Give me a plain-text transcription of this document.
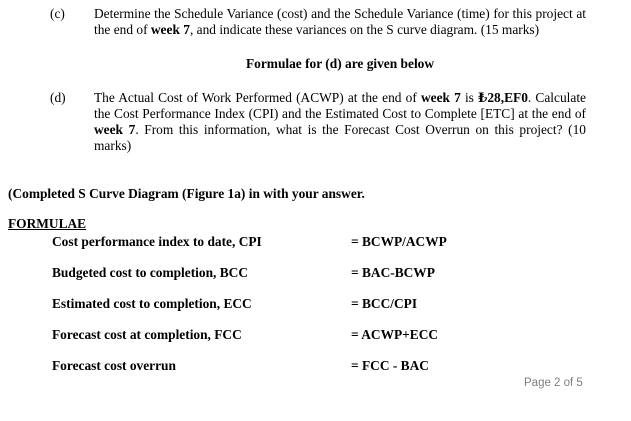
(c) Determine the Schedule Variance (cost) and the Schedule Variance (time) for this project at the end of week 7, and indicate these variances on the S curve diagram. (15 marks)

Formulae for (d) are given below
(d) The Actual Cost of Work Performed (ACWP) at the end of week 7 is ₺28,EF0. Calculate the Cost Performance Index (CPI) and the Estimated Cost to Complete [ETC] at the end of week 7. From this information, what is the Forecast Cost Overrun on this project? (10 marks)

(Completed S Curve Diagram (Figure 1a) in with your answer.
FORMULAE
Cost performance index to date, CPI	= BCWP/ACWP
Budgeted cost to completion, BCC	= BAC-BCWP
Estimated cost to completion, ECC	= BCC/CPI
Forecast cost at completion, FCC	= ACWP+ECC
Forecast cost overrun	= FCC - BAC
Page 2 of 5
